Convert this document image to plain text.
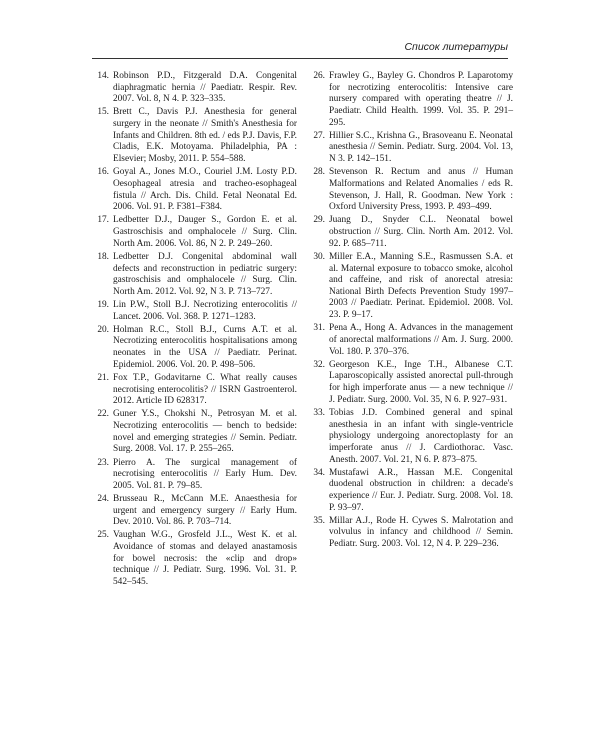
Список литературы
14. Robinson P.D., Fitzgerald D.A. Congenital diaphragmatic hernia // Paediatr. Respir. Rev. 2007. Vol. 8, N 4. P. 323–335.
15. Brett C., Davis P.J. Anesthesia for general surgery in the neonate // Smith's Anesthesia for Infants and Children. 8th ed. / eds P.J. Davis, F.P. Cladis, E.K. Motoyama. Philadelphia, PA : Elsevier; Mosby, 2011. P. 554–588.
16. Goyal A., Jones M.O., Couriel J.M. Losty P.D. Oesophageal atresia and tracheo-esophageal fistula // Arch. Dis. Child. Fetal Neonatal Ed. 2006. Vol. 91. P. F381–F384.
17. Ledbetter D.J., Dauger S., Gordon E. et al. Gastroschisis and omphalocele // Surg. Clin. North Am. 2006. Vol. 86, N 2. P. 249–260.
18. Ledbetter D.J. Congenital abdominal wall defects and reconstruction in pediatric surgery: gastroschisis and omphalocele // Surg. Clin. North Am. 2012. Vol. 92, N 3. P. 713–727.
19. Lin P.W., Stoll B.J. Necrotizing enterocolitis // Lancet. 2006. Vol. 368. P. 1271–1283.
20. Holman R.C., Stoll B.J., Curns A.T. et al. Necrotizing enterocolitis hospitalisations among neonates in the USA // Paediatr. Perinat. Epidemiol. 2006. Vol. 20. P. 498–506.
21. Fox T.P., Godavitarne C. What really causes necrotising enterocolitis? // ISRN Gastroenterol. 2012. Article ID 628317.
22. Guner Y.S., Chokshi N., Petrosyan M. et al. Necrotizing enterocolitis — bench to bedside: novel and emerging strategies // Semin. Pediatr. Surg. 2008. Vol. 17. P. 255–265.
23. Pierro A. The surgical management of necrotising enterocolitis // Early Hum. Dev. 2005. Vol. 81. P. 79–85.
24. Brusseau R., McCann M.E. Anaesthesia for urgent and emergency surgery // Early Hum. Dev. 2010. Vol. 86. P. 703–714.
25. Vaughan W.G., Grosfeld J.L., West K. et al. Avoidance of stomas and delayed anastamosis for bowel necrosis: the «clip and drop» technique // J. Pediatr. Surg. 1996. Vol. 31. P. 542–545.
26. Frawley G., Bayley G. Chondros P. Laparotomy for necrotizing enterocolitis: Intensive care nursery compared with operating theatre // J. Paediatr. Child Health. 1999. Vol. 35. P. 291–295.
27. Hillier S.C., Krishna G., Brasoveanu E. Neonatal anesthesia // Semin. Pediatr. Surg. 2004. Vol. 13, N 3. P. 142–151.
28. Stevenson R. Rectum and anus // Human Malformations and Related Anomalies / eds R. Stevenson, J. Hall, R. Goodman. New York : Oxford University Press, 1993. P. 493–499.
29. Juang D., Snyder C.L. Neonatal bowel obstruction // Surg. Clin. North Am. 2012. Vol. 92. P. 685–711.
30. Miller E.A., Manning S.E., Rasmussen S.A. et al. Maternal exposure to tobacco smoke, alcohol and caffeine, and risk of anorectal atresia: National Birth Defects Prevention Study 1997–2003 // Paediatr. Perinat. Epidemiol. 2008. Vol. 23. P. 9–17.
31. Pena A., Hong A. Advances in the management of anorectal malformations // Am. J. Surg. 2000. Vol. 180. P. 370–376.
32. Georgeson K.E., Inge T.H., Albanese C.T. Laparoscopically assisted anorectal pull-through for high imperforate anus — a new technique // J. Pediatr. Surg. 2000. Vol. 35, N 6. P. 927–931.
33. Tobias J.D. Combined general and spinal anesthesia in an infant with single-ventricle physiology undergoing anorectoplasty for an imperforate anus // J. Cardiothorac. Vasc. Anesth. 2007. Vol. 21, N 6. P. 873–875.
34. Mustafawi A.R., Hassan M.E. Congenital duodenal obstruction in children: a decade's experience // Eur. J. Pediatr. Surg. 2008. Vol. 18. P. 93–97.
35. Millar A.J., Rode H. Cywes S. Malrotation and volvulus in infancy and childhood // Semin. Pediatr. Surg. 2003. Vol. 12, N 4. P. 229–236.
